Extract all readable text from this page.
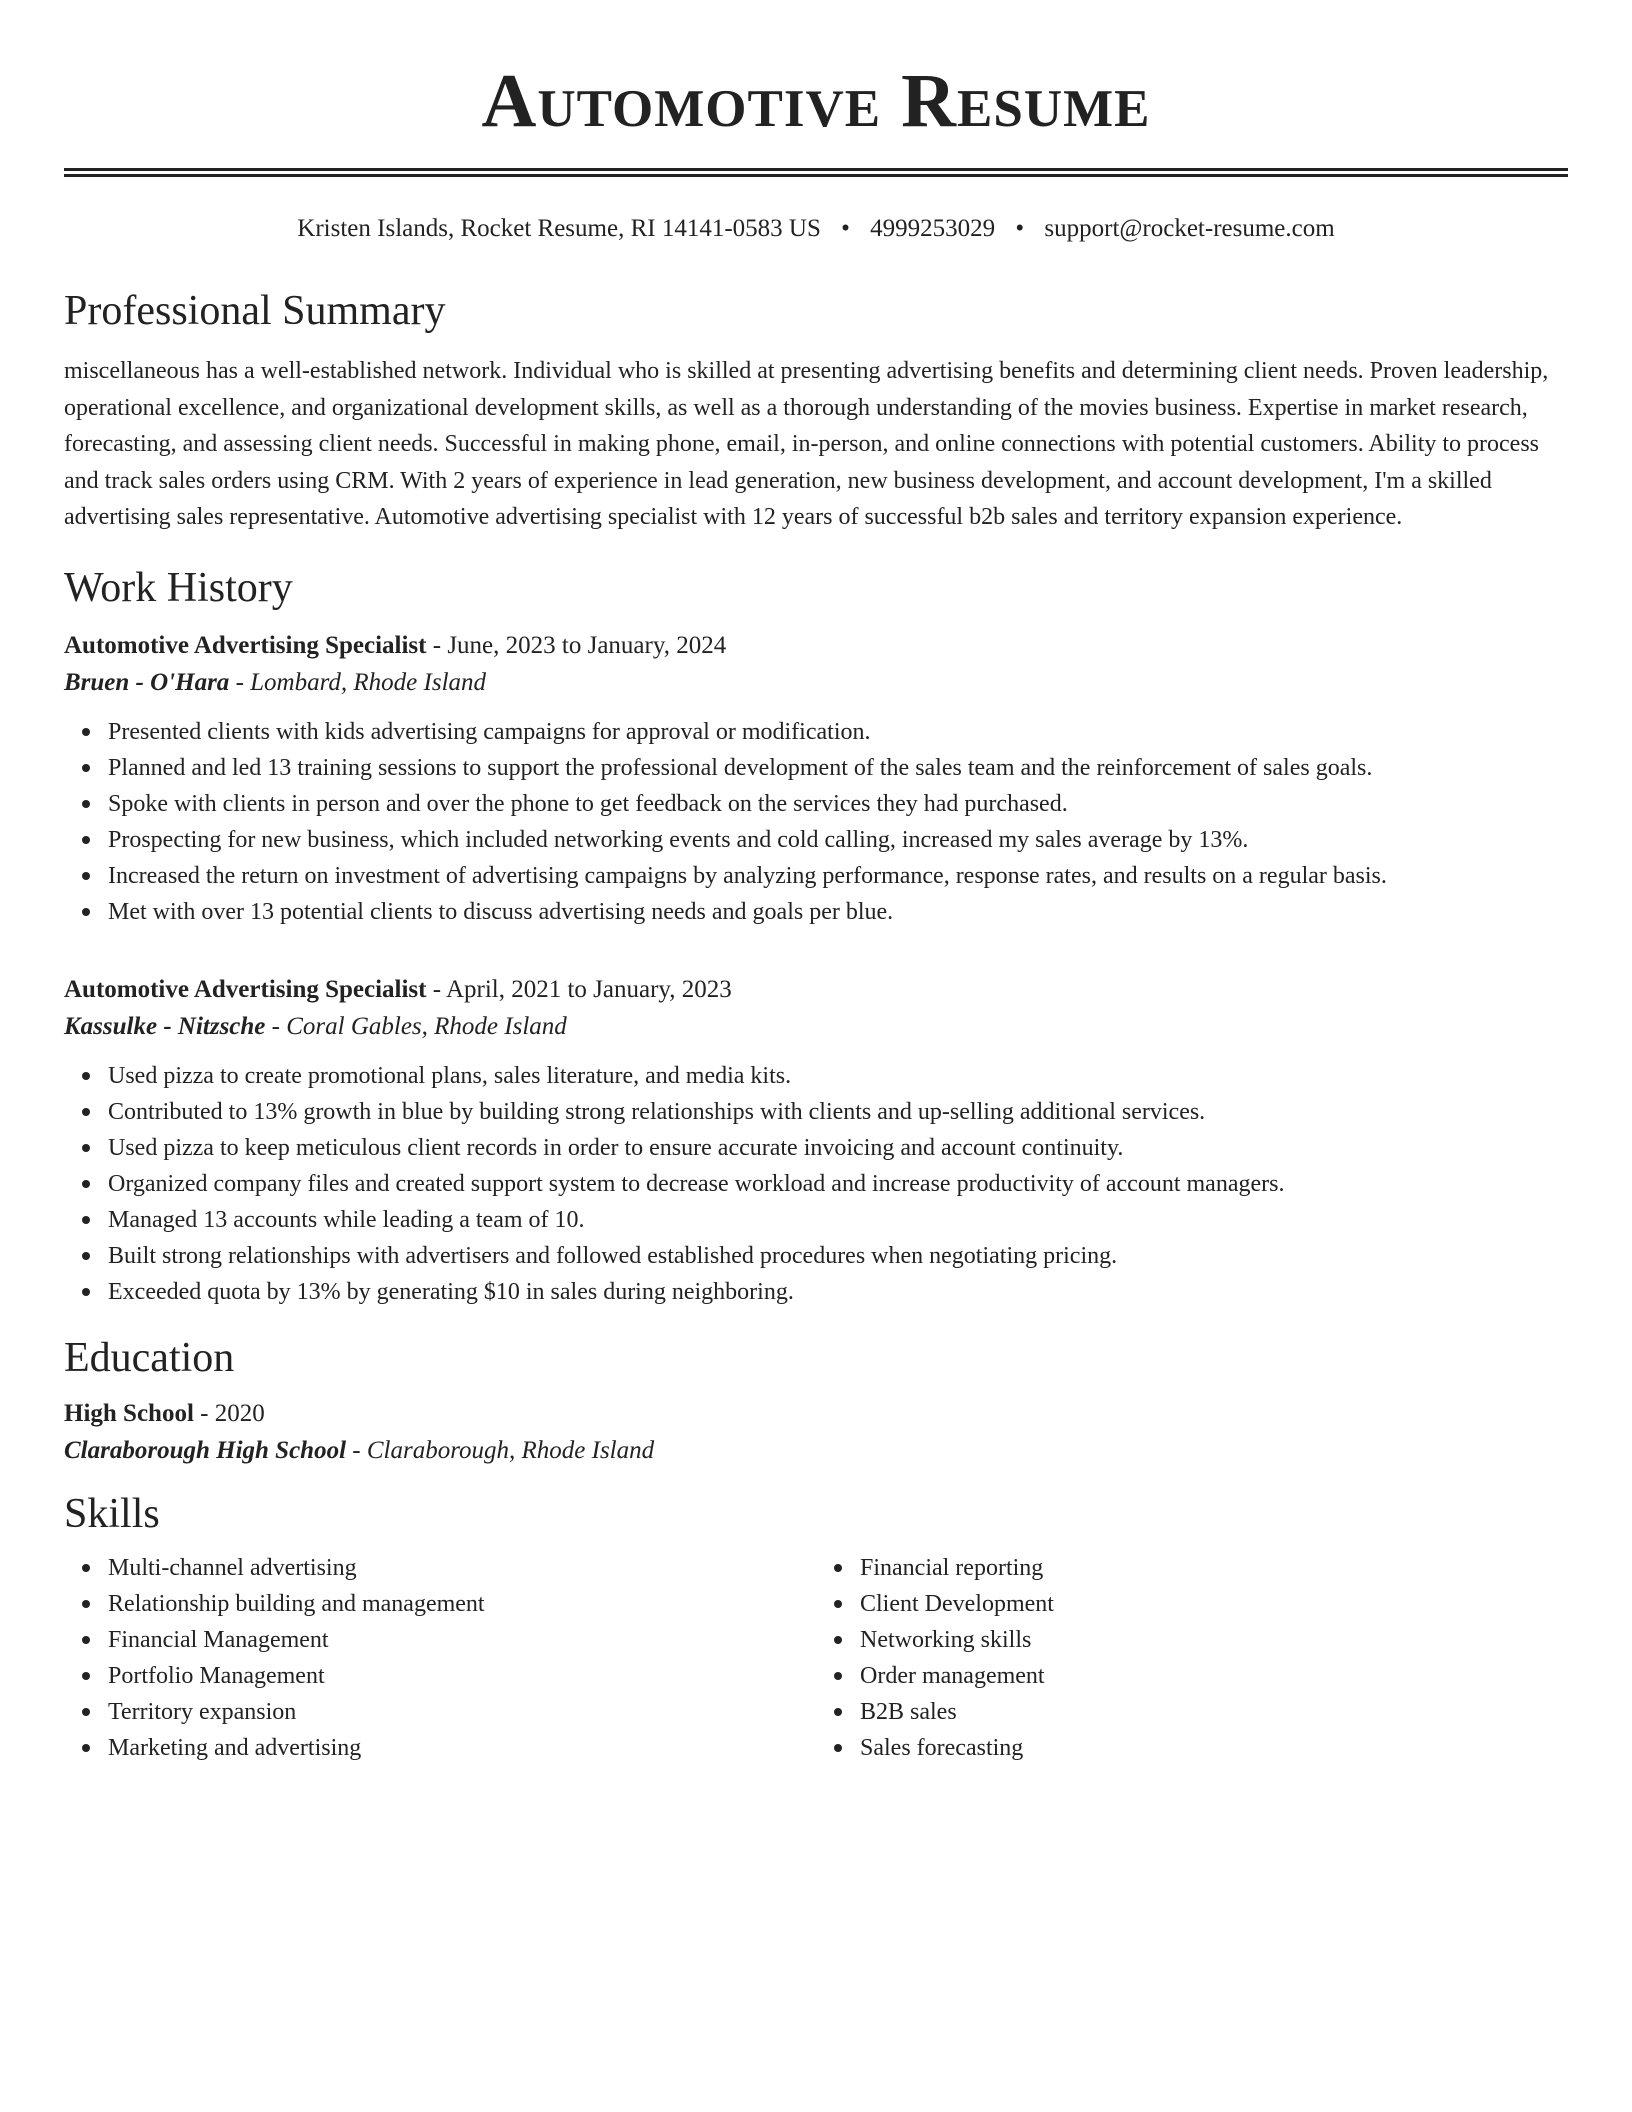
Automotive Resume
Kristen Islands, Rocket Resume, RI 14141-0583 US • 4999253029 • support@rocket-resume.com
Professional Summary

miscellaneous has a well-established network. Individual who is skilled at presenting advertising benefits and determining client needs. Proven leadership, operational excellence, and organizational development skills, as well as a thorough understanding of the movies business. Expertise in market research, forecasting, and assessing client needs. Successful in making phone, email, in-person, and online connections with potential customers. Ability to process and track sales orders using CRM. With 2 years of experience in lead generation, new business development, and account development, I'm a skilled advertising sales representative. Automotive advertising specialist with 12 years of successful b2b sales and territory expansion experience.

Work History
Automotive Advertising Specialist - June, 2023 to January, 2024
Bruen - O'Hara - Lombard, Rhode Island
Presented clients with kids advertising campaigns for approval or modification.
Planned and led 13 training sessions to support the professional development of the sales team and the reinforcement of sales goals.
Spoke with clients in person and over the phone to get feedback on the services they had purchased.
Prospecting for new business, which included networking events and cold calling, increased my sales average by 13%.
Increased the return on investment of advertising campaigns by analyzing performance, response rates, and results on a regular basis.
Met with over 13 potential clients to discuss advertising needs and goals per blue.
Automotive Advertising Specialist - April, 2021 to January, 2023
Kassulke - Nitzsche - Coral Gables, Rhode Island
Used pizza to create promotional plans, sales literature, and media kits.
Contributed to 13% growth in blue by building strong relationships with clients and up-selling additional services.
Used pizza to keep meticulous client records in order to ensure accurate invoicing and account continuity.
Organized company files and created support system to decrease workload and increase productivity of account managers.
Managed 13 accounts while leading a team of 10.
Built strong relationships with advertisers and followed established procedures when negotiating pricing.
Exceeded quota by 13% by generating $10 in sales during neighboring.
Education
High School - 2020
Claraborough High School - Claraborough, Rhode Island
Skills
Multi-channel advertising
Relationship building and management
Financial Management
Portfolio Management
Territory expansion
Marketing and advertising
Financial reporting
Client Development
Networking skills
Order management
B2B sales
Sales forecasting
